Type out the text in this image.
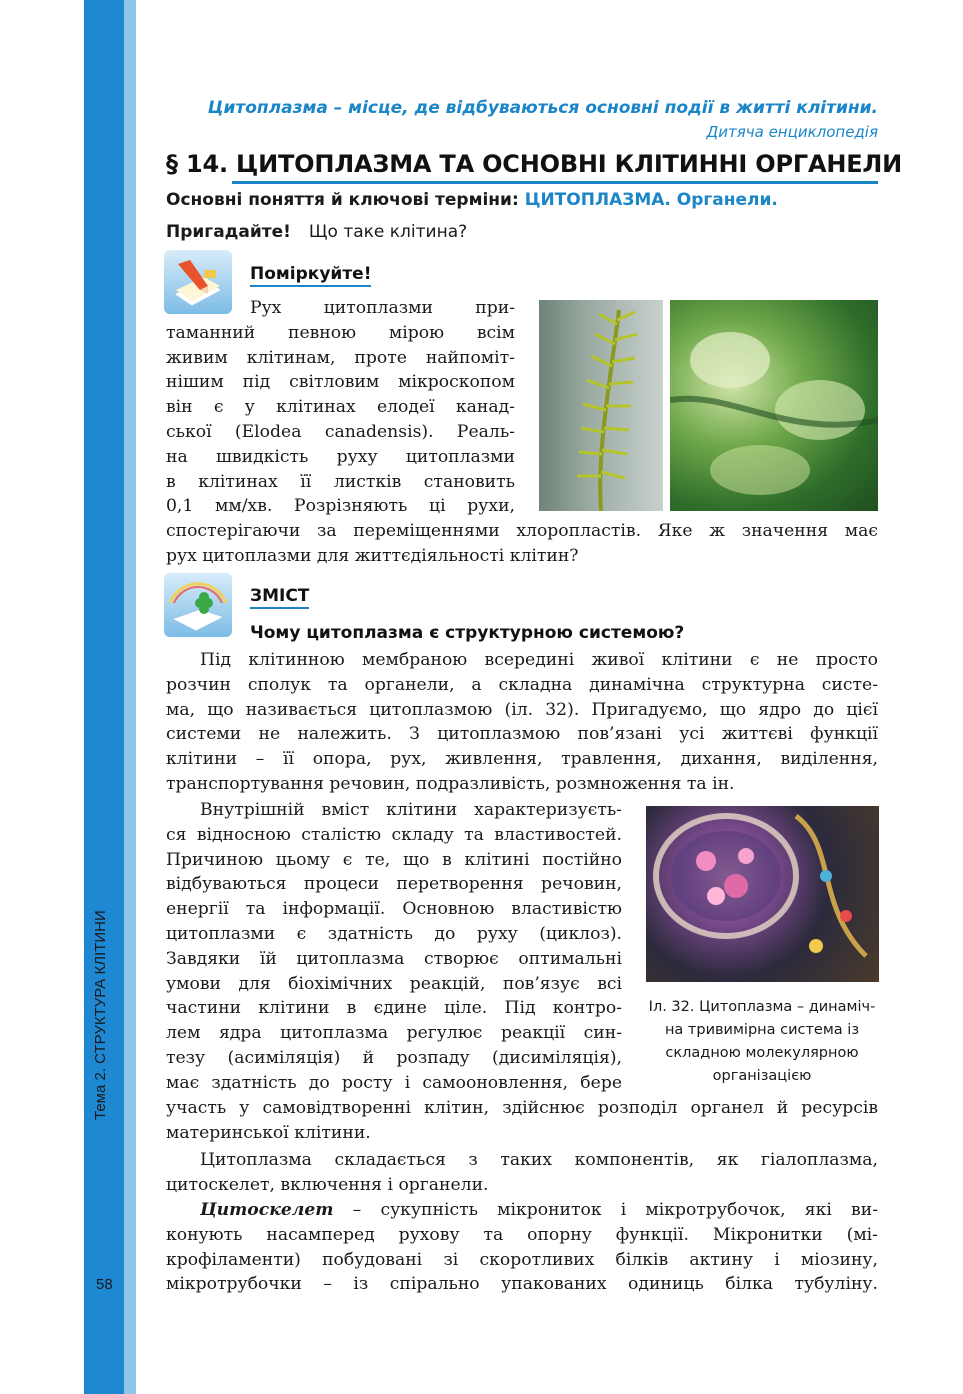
Тема 2. СТРУКТУРА КЛІТИНИ
58
Цитоплазма – місце, де відбуваються основні події в житті клітини.
Дитяча енциклопедія
§ 14. ЦИТОПЛАЗМА ТА ОСНОВНІ КЛІТИННІ ОРГАНЕЛИ
Основні поняття й ключові терміни: ЦИТОПЛАЗМА. Органели.
Пригадайте! Що таке клітина?
Поміркуйте!
Рух цитоплазми при-
таманний певною мірою всім
живим клітинам, проте найпоміт-
нішим під світловим мікроскопом
він є у клітинах елодеї канад-
ської (Elodea canadensis). Реаль-
на швидкість руху цитоплазми
в клітинах її листків становить
0,1 мм/хв. Розрізняють ці рухи,
спостерігаючи за переміщеннями хлоропластів. Яке ж значення має
рух цитоплазми для життєдіяльності клітин?
ЗМІСТ
Чому цитоплазма є структурною системою?
Під клітинною мембраною всередині живої клітини є не просто
розчин сполук та органели, а складна динамічна структурна систе-
ма, що називається цитоплазмою (іл. 32). Пригадуємо, що ядро до цієї
системи не належить. З цитоплазмою пов’язані усі життєві функції
клітини – її опора, рух, живлення, травлення, дихання, виділення,
транспортування речовин, подразливість, розмноження та ін.
Внутрішній вміст клітини характеризуєть-
ся відносною сталістю складу та властивостей.
Причиною цьому є те, що в клітині постійно
відбуваються процеси перетворення речовин,
енергії та інформації. Основною властивістю
цитоплазми є здатність до руху (циклоз).
Завдяки їй цитоплазма створює оптимальні
умови для біохімічних реакцій, пов’язує всі
частини клітини в єдине ціле. Під контро-
лем ядра цитоплазма регулює реакції син-
тезу (асиміляція) й розпаду (дисиміляція),
має здатність до росту і самооновлення, бере
Іл. 32. Цитоплазма – динаміч-
на тривимірна система із
складною молекулярною
організацією
участь у самовідтворенні клітин, здійснює розподіл органел й ресурсів
материнської клітини.
Цитоплазма складається з таких компонентів, як гіалоплазма,
цитоскелет, включення і органели.
Цитоскелет – сукупність мікрониток і мікротрубочок, які ви-
конують насамперед рухову та опорну функції. Мікронитки (мі-
крофіламенти) побудовані зі скоротливих білків актину і міозину,
мікротрубочки – із спірально упакованих одиниць білка тубуліну.
